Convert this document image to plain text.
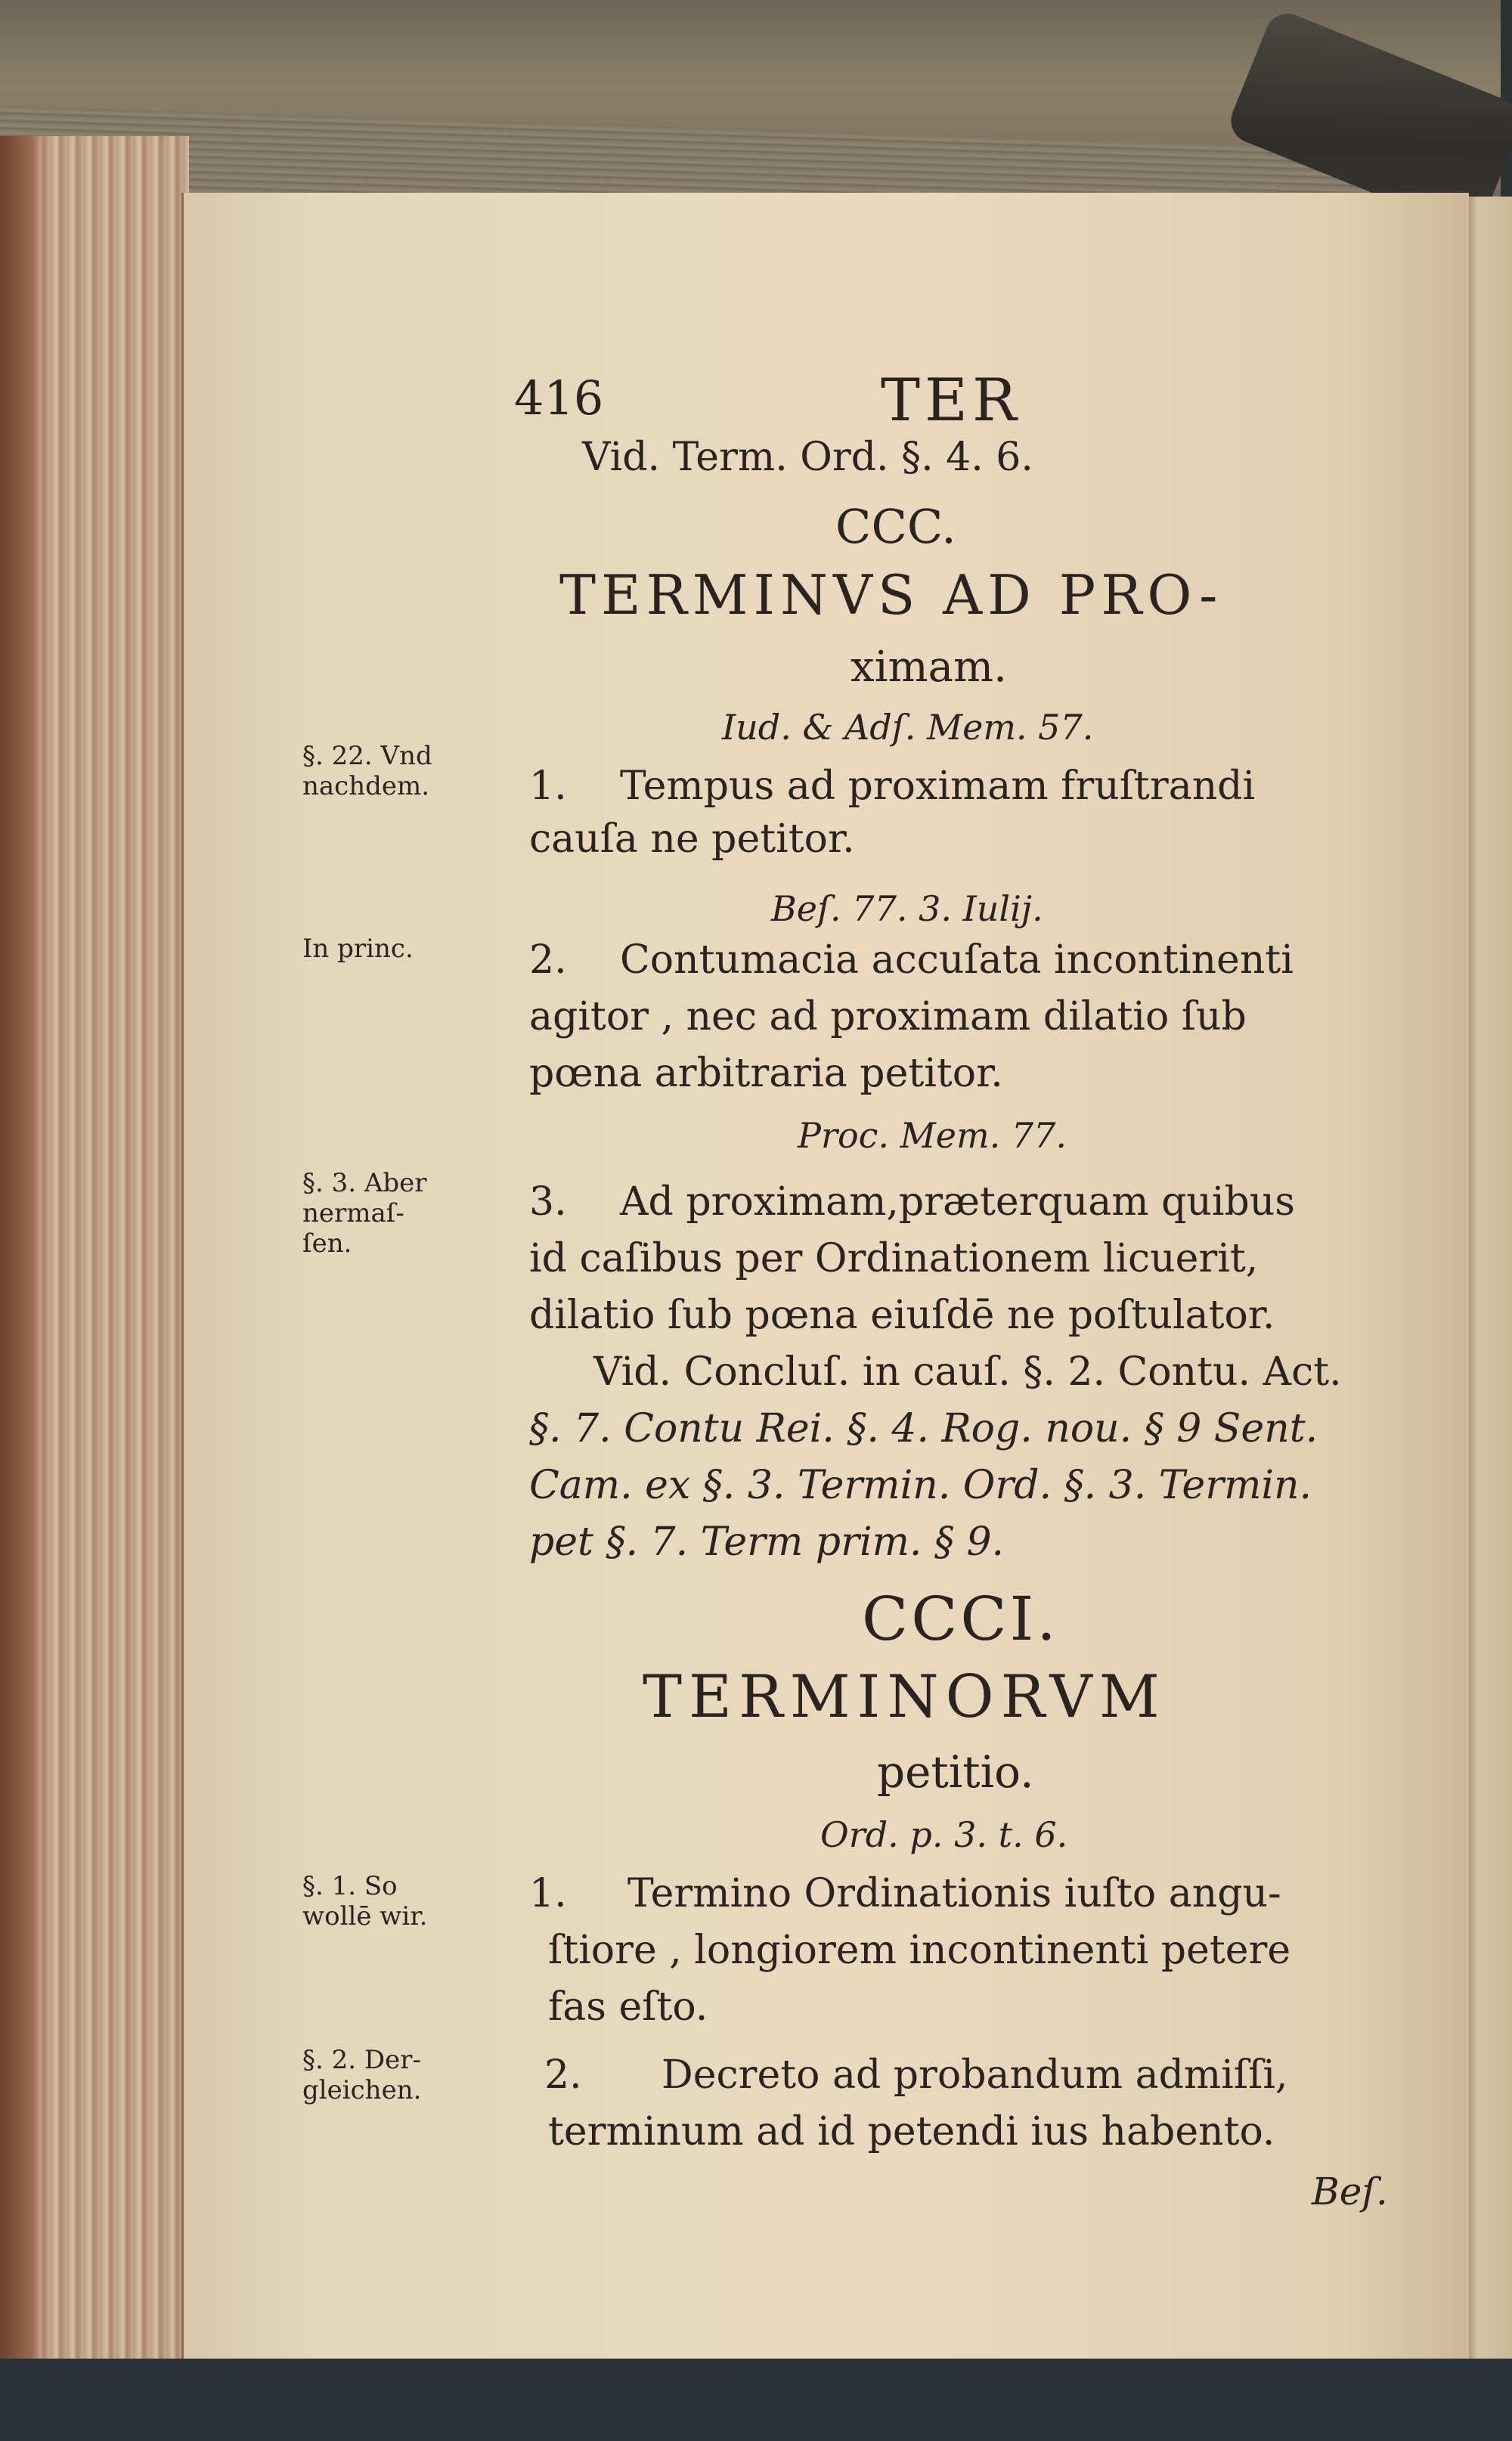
416	TER
Vid. Term. Ord. §. 4. 6.
CCC.
TERMINVS AD PRO-
ximam.
Iud. & Adſ. Mem. 57.
§. 22. Vnd
nachdem.	1. Tempus ad proximam fruſtrandi
cauſa ne petitor.
Beſ. 77. 3. Iulij.
In princ.	2. Contumacia accuſata incontinenti
agitor , nec ad proximam dilatio ſub
pœna arbitraria petitor.
Proc. Mem. 77.
§. 3. Aber
nermaſ-
ſen.
3. Ad proximam,præterquam quibus
id caſibus per Ordinationem licuerit,
dilatio ſub pœna eiuſdē ne poſtulator.
Vid. Concluſ. in cauſ. §. 2. Contu. Act.
§. 7. Contu Rei. §. 4. Rog. nou. § 9 Sent.
Cam. ex §. 3. Termin. Ord. §. 3. Termin.
pet §. 7. Term prim. § 9.
CCCI.
TERMINORVM
petitio.
Ord. p. 3. t. 6.
§. 1. So
wollē wir.	1. Termino Ordinationis iuſto angu-
ſtiore , longiorem incontinenti petere
fas eſto.
§. 2. Der-
gleichen.	2. Decreto ad probandum admiſſi,
terminum ad id petendi ius habento.
Beſ.
